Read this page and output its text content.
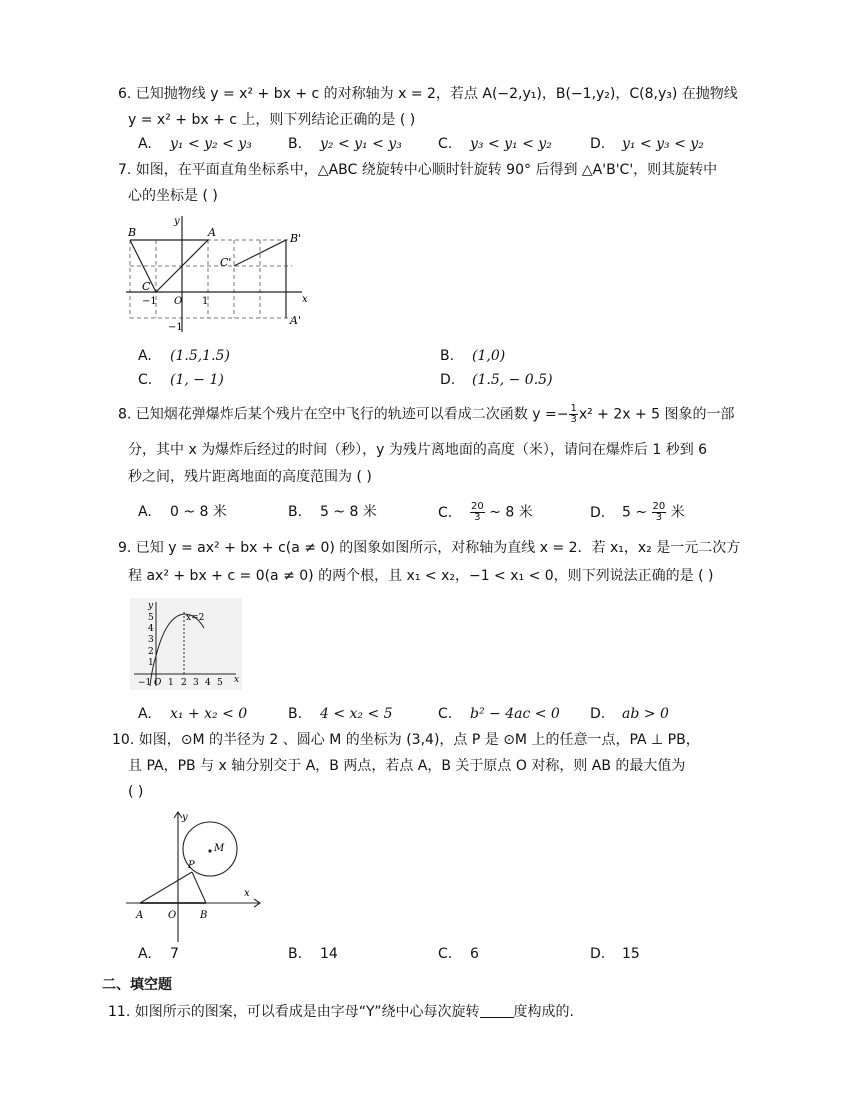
6. 已知抛物线 y = x² + bx + c 的对称轴为 x = 2，若点 A(−2,y₁)，B(−1,y₂)，C(8,y₃) 在抛物线
y = x² + bx + c 上，则下列结论正确的是 ( )
A. y₁ < y₂ < y₃	B. y₂ < y₁ < y₃	C. y₃ < y₁ < y₂	D. y₁ < y₃ < y₂
7. 如图，在平面直角坐标系中，△ABC 绕旋转中心顺时针旋转 90° 后得到 △A'B'C'，则其旋转中
心的坐标是 ( )
B	A	B'
C'
C
A'
y
x
−1 O 1
−1
A. (1.5,1.5)	B. (1,0)
C. (1, − 1)	D. (1.5, − 0.5)
8. 已知烟花弹爆炸后某个残片在空中飞行的轨迹可以看成二次函数 $y =- \frac{1}{3} x^2 + 2x + 5$ 图象的一部
分，其中 x 为爆炸后经过的时间（秒），y 为残片离地面的高度（米），请问在爆炸后 1 秒到 6
秒之间，残片距离地面的高度范围为 ( )
A. 0 ~ 8 米	B. 5 ~ 8 米	C. $\frac{20}{3}$ ~ 8 米	D. 5 ~ $\frac{20}{3}$ 米
9. 已知 y = ax² + bx + c(a ≠ 0) 的图象如图所示，对称轴为直线 x = 2．若 x₁，x₂ 是一元二次方
程 ax² + bx + c = 0(a ≠ 0) 的两个根，且 x₁ < x₂，−1 < x₁ < 0，则下列说法正确的是 ( )
y
x
x=2
5
4
3
2
1
−1 O 1 2 3 4 5
A. x₁ + x₂ < 0	B. 4 < x₂ < 5	C. b² − 4ac < 0 D. ab > 0
10. 如图，⊙M 的半径为 2 、圆心 M 的坐标为 (3,4)，点 P 是 ⊙M 上的任意一点，PA ⊥ PB，
且 PA，PB 与 x 轴分别交于 A，B 两点，若点 A，B 关于原点 O 对称，则 AB 的最大值为
( )
y
x
M
P
A O B
A. 7	B. 14	C. 6	D. 15
二、填空题
11. 如图所示的图案，可以看成是由字母“Y”绕中心每次旋转 度构成的.
